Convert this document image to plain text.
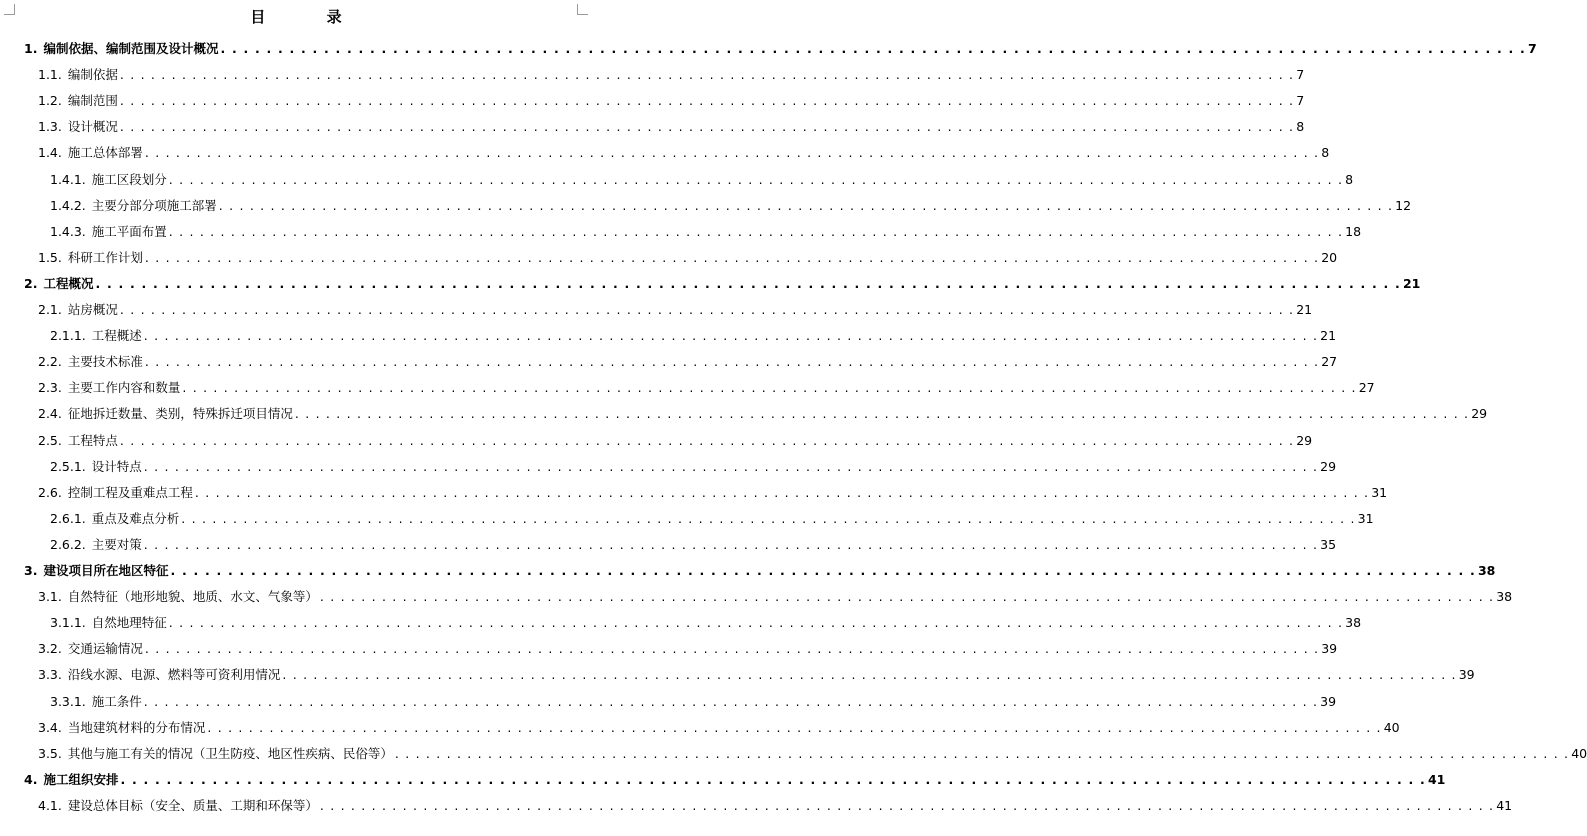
目 录
1. 编制依据、编制范围及设计概况 . . . . . . . . . . . . . . . . . . . . . . . . . . . . . . . . . . . . . . . . . . . . . . . . . . . . . . . . . . . . . . . . . . . . . . . . . . . . . . . . . . . . . . . . . . . . . . . . . . . . . . . . . . . . . . . . . . 7
1.1. 编制依据 . . . . . . . . . . . . . . . . . . . . . . . . . . . . . . . . . . . . . . . . . . . . . . . . . . . . . . . . . . . . . . . . . . . . . . . . . . . . . . . . . . . . . . . . . . . . . . . . . . . . . . . . . . . . . . . . . . 7
1.2. 编制范围 . . . . . . . . . . . . . . . . . . . . . . . . . . . . . . . . . . . . . . . . . . . . . . . . . . . . . . . . . . . . . . . . . . . . . . . . . . . . . . . . . . . . . . . . . . . . . . . . . . . . . . . . . . . . . . . . . . 7
1.3. 设计概况 . . . . . . . . . . . . . . . . . . . . . . . . . . . . . . . . . . . . . . . . . . . . . . . . . . . . . . . . . . . . . . . . . . . . . . . . . . . . . . . . . . . . . . . . . . . . . . . . . . . . . . . . . . . . . . . . . . 8
1.4. 施工总体部署 . . . . . . . . . . . . . . . . . . . . . . . . . . . . . . . . . . . . . . . . . . . . . . . . . . . . . . . . . . . . . . . . . . . . . . . . . . . . . . . . . . . . . . . . . . . . . . . . . . . . . . . . . . . . . . . . . . 8
1.4.1. 施工区段划分 . . . . . . . . . . . . . . . . . . . . . . . . . . . . . . . . . . . . . . . . . . . . . . . . . . . . . . . . . . . . . . . . . . . . . . . . . . . . . . . . . . . . . . . . . . . . . . . . . . . . . . . . . . . . . . . . . . 8
1.4.2. 主要分部分项施工部署 . . . . . . . . . . . . . . . . . . . . . . . . . . . . . . . . . . . . . . . . . . . . . . . . . . . . . . . . . . . . . . . . . . . . . . . . . . . . . . . . . . . . . . . . . . . . . . . . . . . . . . . . . . . . . . . . . . 12
1.4.3. 施工平面布置 . . . . . . . . . . . . . . . . . . . . . . . . . . . . . . . . . . . . . . . . . . . . . . . . . . . . . . . . . . . . . . . . . . . . . . . . . . . . . . . . . . . . . . . . . . . . . . . . . . . . . . . . . . . . . . . . . . 18
1.5. 科研工作计划 . . . . . . . . . . . . . . . . . . . . . . . . . . . . . . . . . . . . . . . . . . . . . . . . . . . . . . . . . . . . . . . . . . . . . . . . . . . . . . . . . . . . . . . . . . . . . . . . . . . . . . . . . . . . . . . . . . 20
2. 工程概况 . . . . . . . . . . . . . . . . . . . . . . . . . . . . . . . . . . . . . . . . . . . . . . . . . . . . . . . . . . . . . . . . . . . . . . . . . . . . . . . . . . . . . . . . . . . . . . . . . . . . . . . . . . . . . . . . . . 21
2.1. 站房概况 . . . . . . . . . . . . . . . . . . . . . . . . . . . . . . . . . . . . . . . . . . . . . . . . . . . . . . . . . . . . . . . . . . . . . . . . . . . . . . . . . . . . . . . . . . . . . . . . . . . . . . . . . . . . . . . . . . 21
2.1.1. 工程概述 . . . . . . . . . . . . . . . . . . . . . . . . . . . . . . . . . . . . . . . . . . . . . . . . . . . . . . . . . . . . . . . . . . . . . . . . . . . . . . . . . . . . . . . . . . . . . . . . . . . . . . . . . . . . . . . . . . 21
2.2. 主要技术标准 . . . . . . . . . . . . . . . . . . . . . . . . . . . . . . . . . . . . . . . . . . . . . . . . . . . . . . . . . . . . . . . . . . . . . . . . . . . . . . . . . . . . . . . . . . . . . . . . . . . . . . . . . . . . . . . . . . 27
2.3. 主要工作内容和数量 . . . . . . . . . . . . . . . . . . . . . . . . . . . . . . . . . . . . . . . . . . . . . . . . . . . . . . . . . . . . . . . . . . . . . . . . . . . . . . . . . . . . . . . . . . . . . . . . . . . . . . . . . . . . . . . . . . 27
2.4. 征地拆迁数量、类别，特殊拆迁项目情况 . . . . . . . . . . . . . . . . . . . . . . . . . . . . . . . . . . . . . . . . . . . . . . . . . . . . . . . . . . . . . . . . . . . . . . . . . . . . . . . . . . . . . . . . . . . . . . . . . . . . . . . . . . . . . . . . . . 29
2.5. 工程特点 . . . . . . . . . . . . . . . . . . . . . . . . . . . . . . . . . . . . . . . . . . . . . . . . . . . . . . . . . . . . . . . . . . . . . . . . . . . . . . . . . . . . . . . . . . . . . . . . . . . . . . . . . . . . . . . . . . 29
2.5.1. 设计特点 . . . . . . . . . . . . . . . . . . . . . . . . . . . . . . . . . . . . . . . . . . . . . . . . . . . . . . . . . . . . . . . . . . . . . . . . . . . . . . . . . . . . . . . . . . . . . . . . . . . . . . . . . . . . . . . . . . 29
2.6. 控制工程及重难点工程 . . . . . . . . . . . . . . . . . . . . . . . . . . . . . . . . . . . . . . . . . . . . . . . . . . . . . . . . . . . . . . . . . . . . . . . . . . . . . . . . . . . . . . . . . . . . . . . . . . . . . . . . . . . . . . . . . . 31
2.6.1. 重点及难点分析 . . . . . . . . . . . . . . . . . . . . . . . . . . . . . . . . . . . . . . . . . . . . . . . . . . . . . . . . . . . . . . . . . . . . . . . . . . . . . . . . . . . . . . . . . . . . . . . . . . . . . . . . . . . . . . . . . . 31
2.6.2. 主要对策 . . . . . . . . . . . . . . . . . . . . . . . . . . . . . . . . . . . . . . . . . . . . . . . . . . . . . . . . . . . . . . . . . . . . . . . . . . . . . . . . . . . . . . . . . . . . . . . . . . . . . . . . . . . . . . . . . . 35
3. 建设项目所在地区特征 . . . . . . . . . . . . . . . . . . . . . . . . . . . . . . . . . . . . . . . . . . . . . . . . . . . . . . . . . . . . . . . . . . . . . . . . . . . . . . . . . . . . . . . . . . . . . . . . . . . . . . . . . . . . . . . . . . 38
3.1. 自然特征（地形地貌、地质、水文、气象等） . . . . . . . . . . . . . . . . . . . . . . . . . . . . . . . . . . . . . . . . . . . . . . . . . . . . . . . . . . . . . . . . . . . . . . . . . . . . . . . . . . . . . . . . . . . . . . . . . . . . . . . . . . . . . . . . . . 38
3.1.1. 自然地理特征 . . . . . . . . . . . . . . . . . . . . . . . . . . . . . . . . . . . . . . . . . . . . . . . . . . . . . . . . . . . . . . . . . . . . . . . . . . . . . . . . . . . . . . . . . . . . . . . . . . . . . . . . . . . . . . . . . . 38
3.2. 交通运输情况 . . . . . . . . . . . . . . . . . . . . . . . . . . . . . . . . . . . . . . . . . . . . . . . . . . . . . . . . . . . . . . . . . . . . . . . . . . . . . . . . . . . . . . . . . . . . . . . . . . . . . . . . . . . . . . . . . . 39
3.3. 沿线水源、电源、燃料等可资利用情况 . . . . . . . . . . . . . . . . . . . . . . . . . . . . . . . . . . . . . . . . . . . . . . . . . . . . . . . . . . . . . . . . . . . . . . . . . . . . . . . . . . . . . . . . . . . . . . . . . . . . . . . . . . . . . . . . . . 39
3.3.1. 施工条件 . . . . . . . . . . . . . . . . . . . . . . . . . . . . . . . . . . . . . . . . . . . . . . . . . . . . . . . . . . . . . . . . . . . . . . . . . . . . . . . . . . . . . . . . . . . . . . . . . . . . . . . . . . . . . . . . . . 39
3.4. 当地建筑材料的分布情况 . . . . . . . . . . . . . . . . . . . . . . . . . . . . . . . . . . . . . . . . . . . . . . . . . . . . . . . . . . . . . . . . . . . . . . . . . . . . . . . . . . . . . . . . . . . . . . . . . . . . . . . . . . . . . . . . . . 40
3.5. 其他与施工有关的情况（卫生防疫、地区性疾病、民俗等） . . . . . . . . . . . . . . . . . . . . . . . . . . . . . . . . . . . . . . . . . . . . . . . . . . . . . . . . . . . . . . . . . . . . . . . . . . . . . . . . . . . . . . . . . . . . . . . . . . . . . . . . . . . . . . . . . . 40
4. 施工组织安排 . . . . . . . . . . . . . . . . . . . . . . . . . . . . . . . . . . . . . . . . . . . . . . . . . . . . . . . . . . . . . . . . . . . . . . . . . . . . . . . . . . . . . . . . . . . . . . . . . . . . . . . . . . . . . . . . . . 41
4.1. 建设总体目标（安全、质量、工期和环保等） . . . . . . . . . . . . . . . . . . . . . . . . . . . . . . . . . . . . . . . . . . . . . . . . . . . . . . . . . . . . . . . . . . . . . . . . . . . . . . . . . . . . . . . . . . . . . . . . . . . . . . . . . . . . . . . . . . 41
